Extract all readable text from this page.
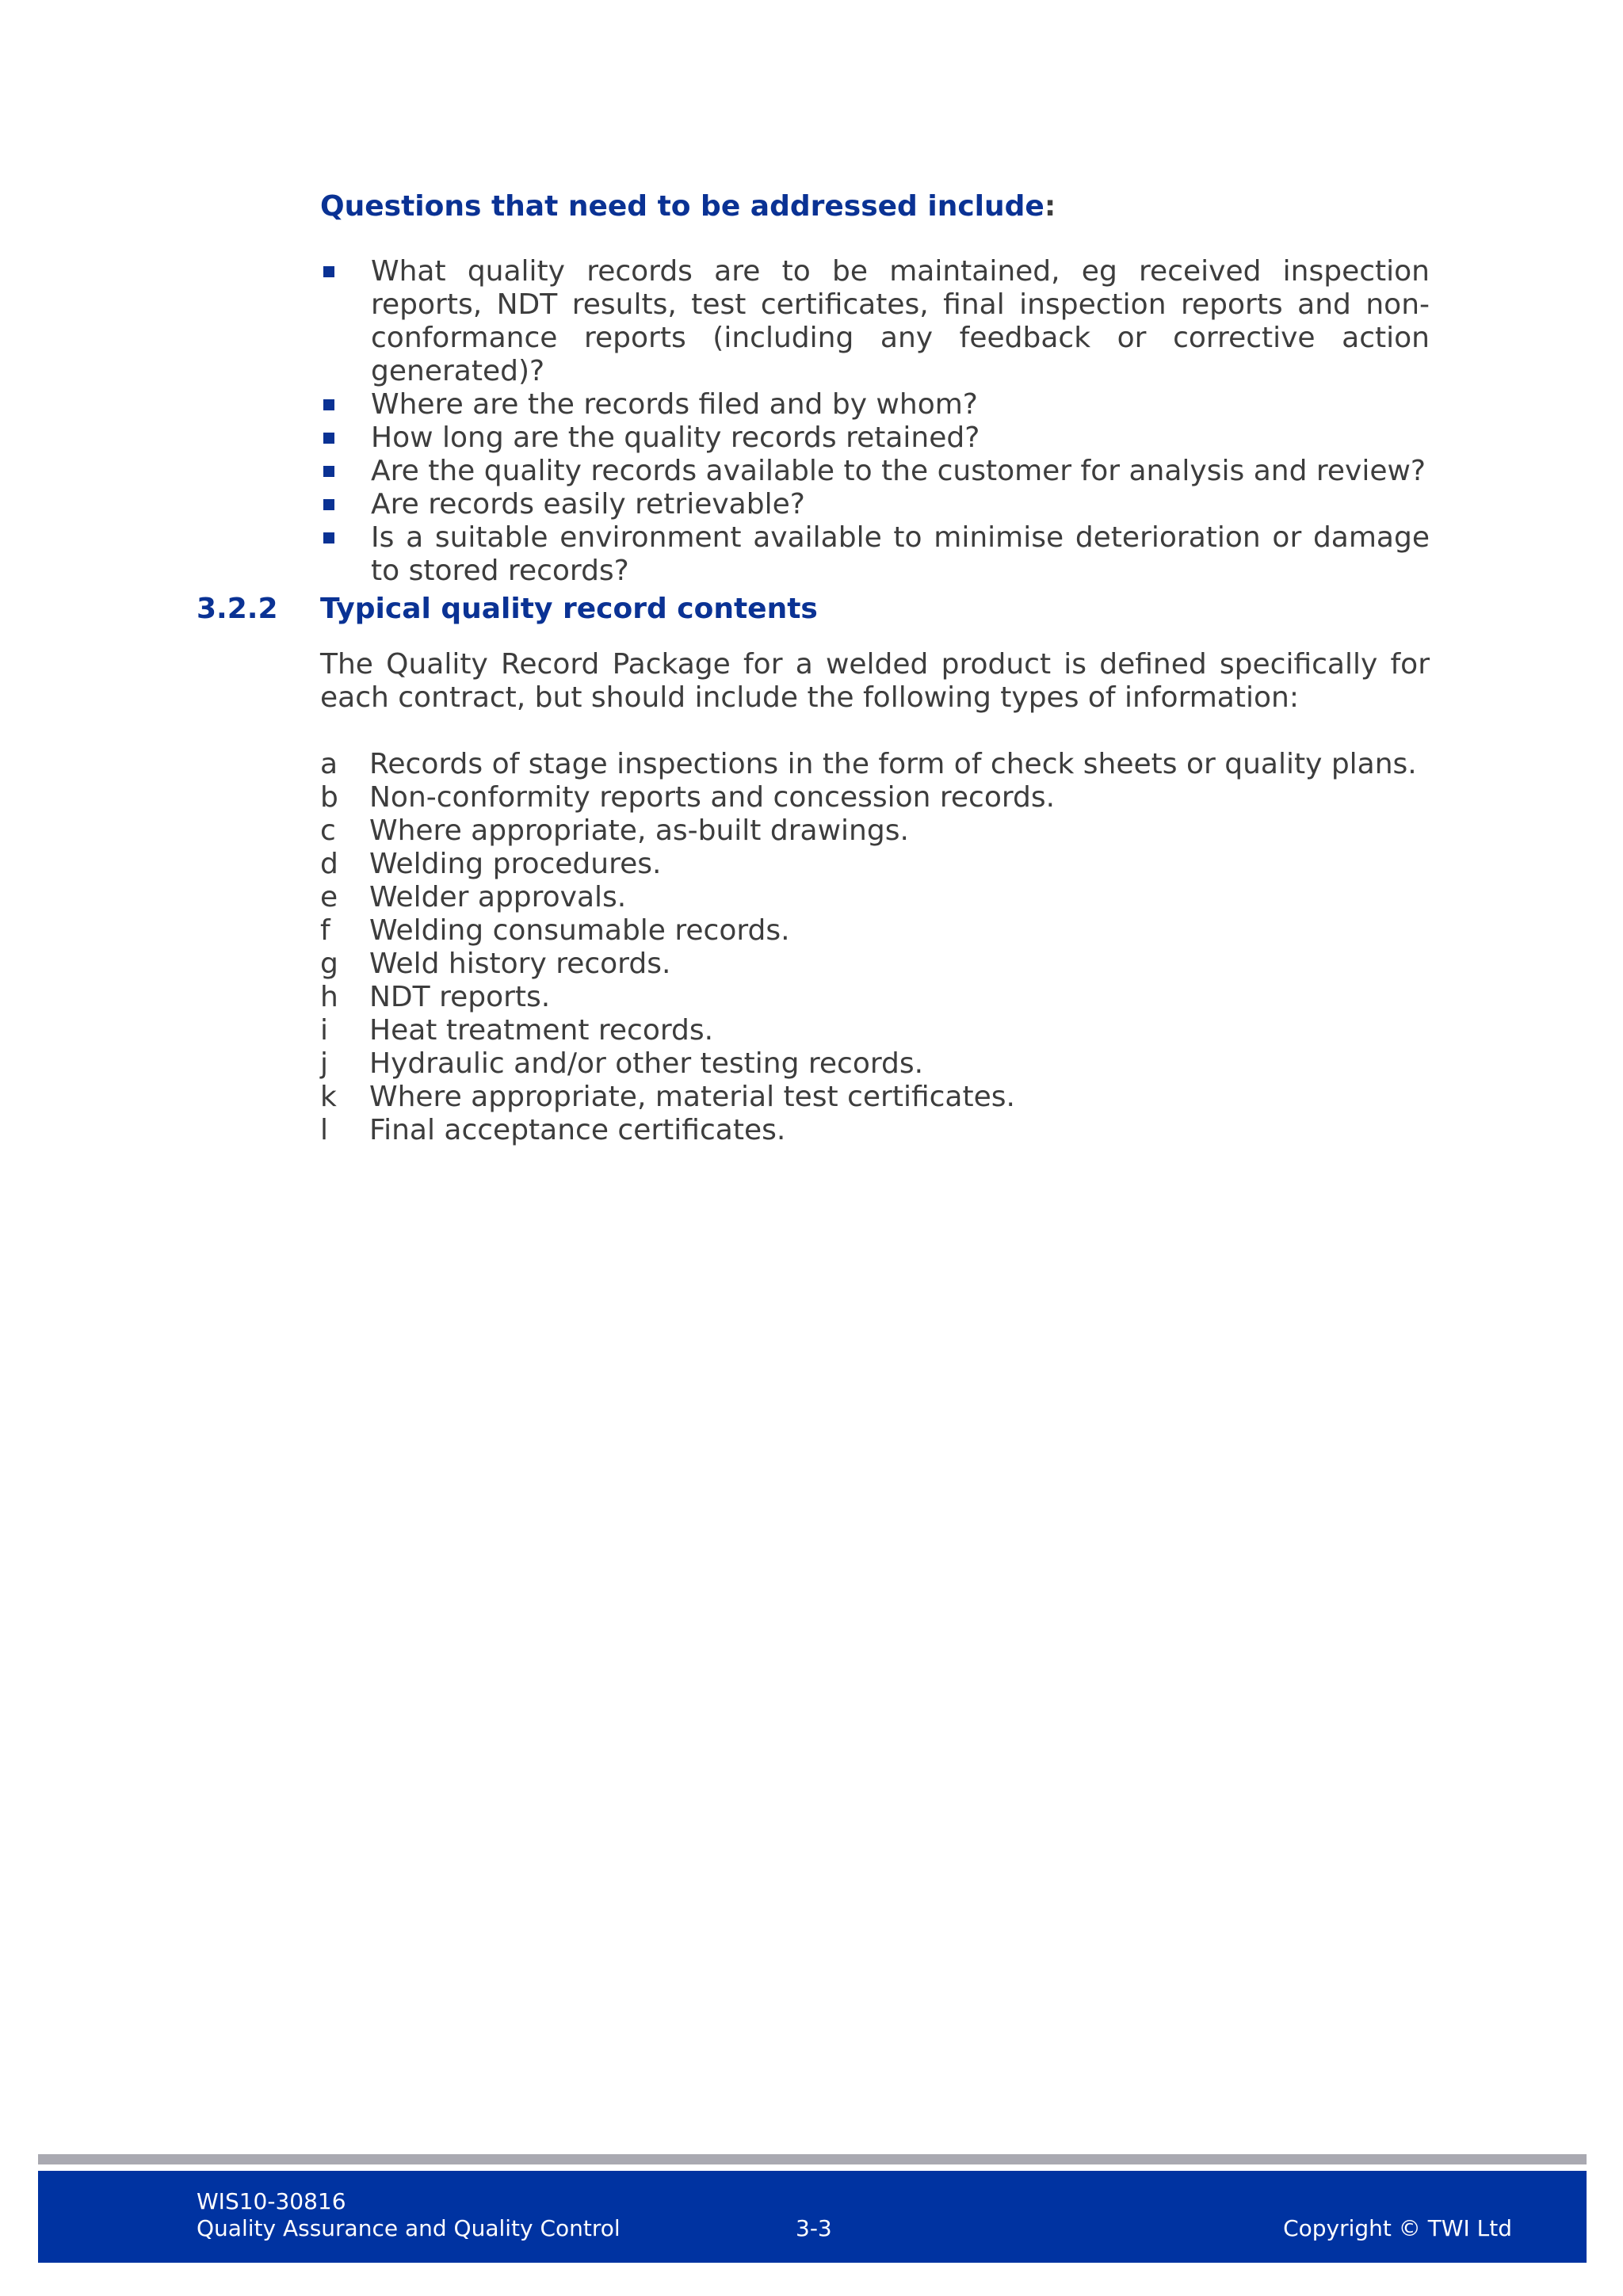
Questions that need to be addressed include:
What quality records are to be maintained, eg received inspection reports, NDT results, test certificates, final inspection reports and non-conformance reports (including any feedback or corrective action generated)?
Where are the records filed and by whom?
How long are the quality records retained?
Are the quality records available to the customer for analysis and review?
Are records easily retrievable?
Is a suitable environment available to minimise deterioration or damage to stored records?
3.2.2	Typical quality record contents
The Quality Record Package for a welded product is defined specifically for each contract, but should include the following types of information:
a	Records of stage inspections in the form of check sheets or quality plans.
b	Non-conformity reports and concession records.
c	Where appropriate, as-built drawings.
d	Welding procedures.
e	Welder approvals.
f	Welding consumable records.
g	Weld history records.
h	NDT reports.
i	Heat treatment records.
j	Hydraulic and/or other testing records.
k	Where appropriate, material test certificates.
l	Final acceptance certificates.
WIS10-30816
Quality Assurance and Quality Control	3-3	Copyright © TWI Ltd
